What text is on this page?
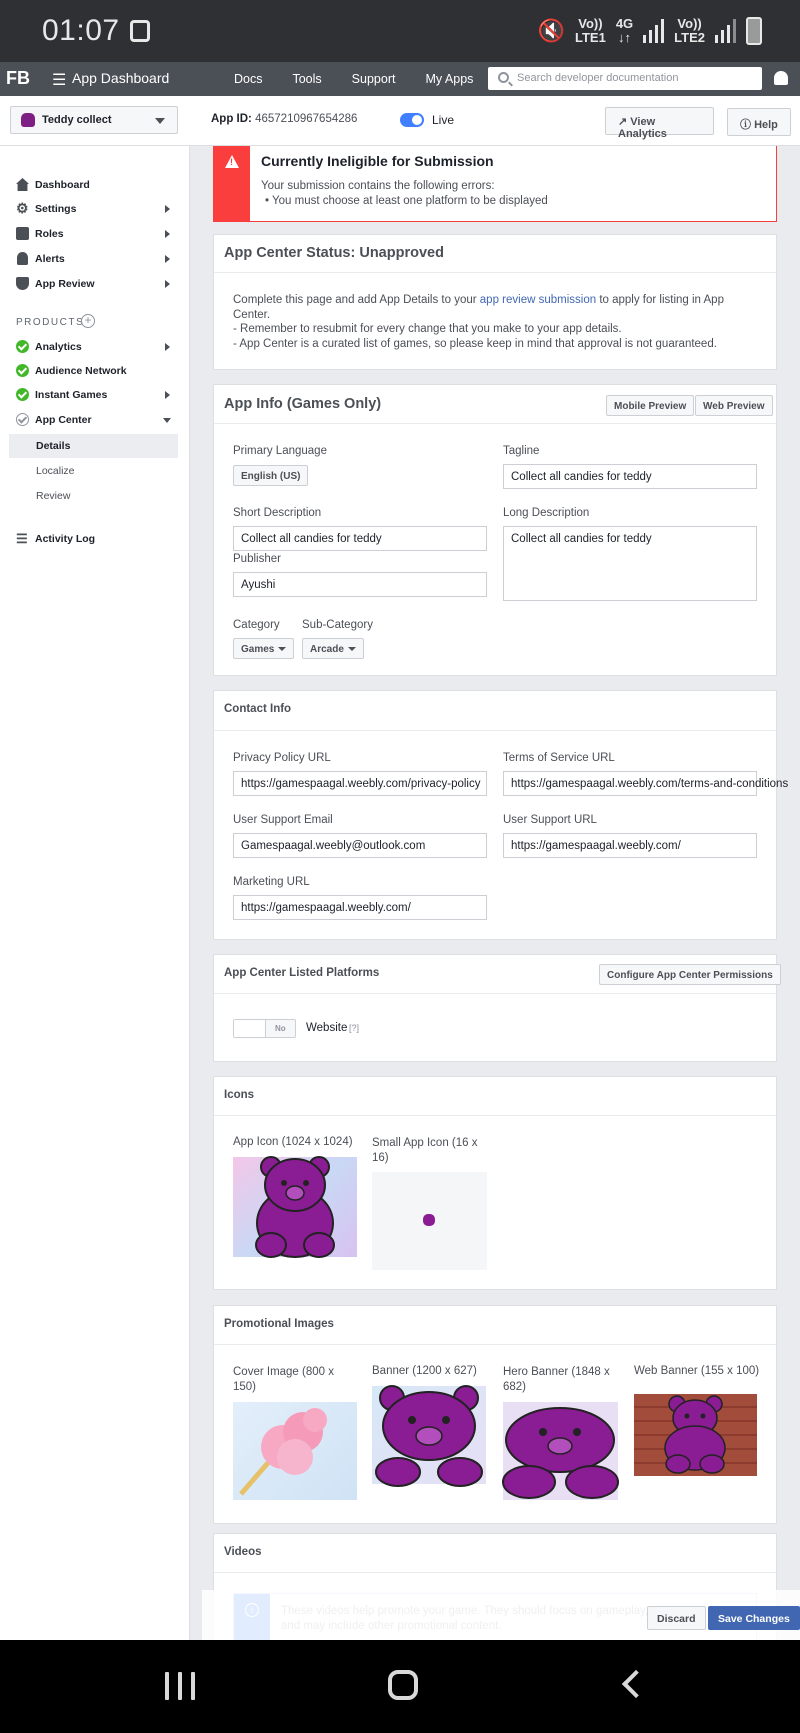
01:07	🔇 Vo))
LTE1
4G
↓↑
Vo))
LTE2
FB ☰ App Dashboard	Docs Tools Support My Apps	Search developer documentation
Teddy collect	App ID: 4657210967654286	Live	↗ View Analytics
ⓘ Help
Dashboard
⚙ Settings
Roles
Alerts
App Review
PRODUCTS +
Analytics
Audience Network
Instant Games
App Center
Details
Localize
Review
☰ Activity Log
!
Currently Ineligible for Submission
Your submission contains the following errors:
• You must choose at least one platform to be displayed
App Center Status: Unapproved
Complete this page and add App Details to your app review submission to apply for listing in App Center.
- Remember to resubmit for every change that you make to your app details.
- App Center is a curated list of games, so please keep in mind that approval is not guaranteed.
App Info (Games Only)	Mobile Preview	Web Preview
Primary Language
English (US)
Tagline
Collect all candies for teddy
Short Description
Collect all candies for teddy
Long Description
Collect all candies for teddy
Publisher
Ayushi
Category
Games
Sub-Category
Arcade
Contact Info
Privacy Policy URL
https://gamespaagal.weebly.com/privacy-policy
Terms of Service URL
https://gamespaagal.weebly.com/terms-and-conditions
User Support Email
Gamespaagal.weebly@outlook.com
User Support URL
https://gamespaagal.weebly.com/
Marketing URL
https://gamespaagal.weebly.com/
App Center Listed Platforms	Configure App Center Permissions
No Website [?]
Icons
App Icon (1024 x 1024) Small App Icon (16 x 16)
Promotional Images
Cover Image (800 x 150)
Banner (1200 x 627) Hero Banner (1848 x 682)
Web Banner (155 x 100)
Videos
Discard	Save Changes
